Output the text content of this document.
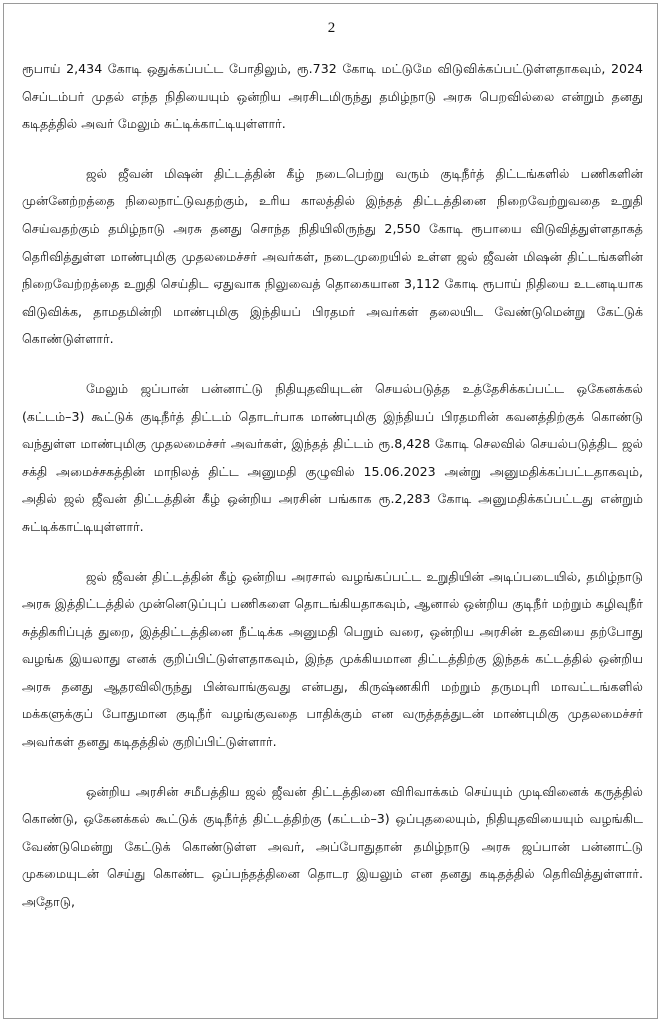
2

ரூபாய் 2,434 கோடி ஒதுக்கப்பட்ட போதிலும், ரூ.732 கோடி மட்டுமே விடுவிக்கப்பட்டுள்ளதாகவும், 2024 செப்டம்பர் முதல் எந்த நிதியையும் ஒன்றிய அரசிடமிருந்து தமிழ்நாடு அரசு பெறவில்லை என்றும் தனது கடிதத்தில் அவர் மேலும் சுட்டிக்காட்டியுள்ளார்.

ஜல் ஜீவன் மிஷன் திட்டத்தின் கீழ் நடைபெற்று வரும் குடிநீர்த் திட்டங்களில் பணிகளின் முன்னேற்றத்தை நிலைநாட்டுவதற்கும், உரிய காலத்தில் இந்தத் திட்டத்தினை நிறைவேற்றுவதை உறுதி செய்வதற்கும் தமிழ்நாடு அரசு தனது சொந்த நிதியிலிருந்து 2,550 கோடி ரூபாயை விடுவித்துள்ளதாகத் தெரிவித்துள்ள மாண்புமிகு முதலமைச்சர் அவர்கள், நடைமுறையில் உள்ள ஜல் ஜீவன் மிஷன் திட்டங்களின் நிறைவேற்றத்தை உறுதி செய்திட ஏதுவாக நிலுவைத் தொகையான 3,112 கோடி ரூபாய் நிதியை உடனடியாக விடுவிக்க, தாமதமின்றி மாண்புமிகு இந்தியப் பிரதமர் அவர்கள் தலையிட வேண்டுமென்று கேட்டுக் கொண்டுள்ளார்.

மேலும் ஜப்பான் பன்னாட்டு நிதியுதவியுடன் செயல்படுத்த உத்தேசிக்கப்பட்ட ஒகேனக்கல் (கட்டம்–3) கூட்டுக் குடிநீர்த் திட்டம் தொடர்பாக மாண்புமிகு இந்தியப் பிரதமரின் கவனத்திற்குக் கொண்டு வந்துள்ள மாண்புமிகு முதலமைச்சர் அவர்கள், இந்தத் திட்டம் ரூ.8,428 கோடி செலவில் செயல்படுத்திட ஜல் சக்தி அமைச்சகத்தின் மாநிலத் திட்ட அனுமதி குழுவில் 15.06.2023 அன்று அனுமதிக்கப்பட்டதாகவும், அதில் ஜல் ஜீவன் திட்டத்தின் கீழ் ஒன்றிய அரசின் பங்காக ரூ.2,283 கோடி அனுமதிக்கப்பட்டது என்றும் சுட்டிக்காட்டியுள்ளார்.

ஜல் ஜீவன் திட்டத்தின் கீழ் ஒன்றிய அரசால் வழங்கப்பட்ட உறுதியின் அடிப்படையில், தமிழ்நாடு அரசு இத்திட்டத்தில் முன்னெடுப்புப் பணிகளை தொடங்கியதாகவும், ஆனால் ஒன்றிய குடிநீர் மற்றும் கழிவுநீர் சுத்திகரிப்புத் துறை, இத்திட்டத்தினை நீட்டிக்க அனுமதி பெறும் வரை, ஒன்றிய அரசின் உதவியை தற்போது வழங்க இயலாது எனக் குறிப்பிட்டுள்ளதாகவும், இந்த முக்கியமான திட்டத்திற்கு இந்தக் கட்டத்தில் ஒன்றிய அரசு தனது ஆதரவிலிருந்து பின்வாங்குவது என்பது, கிருஷ்ணகிரி மற்றும் தருமபுரி மாவட்டங்களில் மக்களுக்குப் போதுமான குடிநீர் வழங்குவதை பாதிக்கும் என வருத்தத்துடன் மாண்புமிகு முதலமைச்சர் அவர்கள் தனது கடிதத்தில் குறிப்பிட்டுள்ளார்.

ஒன்றிய அரசின் சமீபத்திய ஜல் ஜீவன் திட்டத்தினை விரிவாக்கம் செய்யும் முடிவினைக் கருத்தில் கொண்டு, ஒகேனக்கல் கூட்டுக் குடிநீர்த் திட்டத்திற்கு (கட்டம்–3) ஒப்புதலையும், நிதியுதவியையும் வழங்கிட வேண்டுமென்று கேட்டுக் கொண்டுள்ள அவர், அப்போதுதான் தமிழ்நாடு அரசு ஜப்பான் பன்னாட்டு முகமையுடன் செய்து கொண்ட ஒப்பந்தத்தினை தொடர இயலும் என தனது கடிதத்தில் தெரிவித்துள்ளார். அதோடு,
